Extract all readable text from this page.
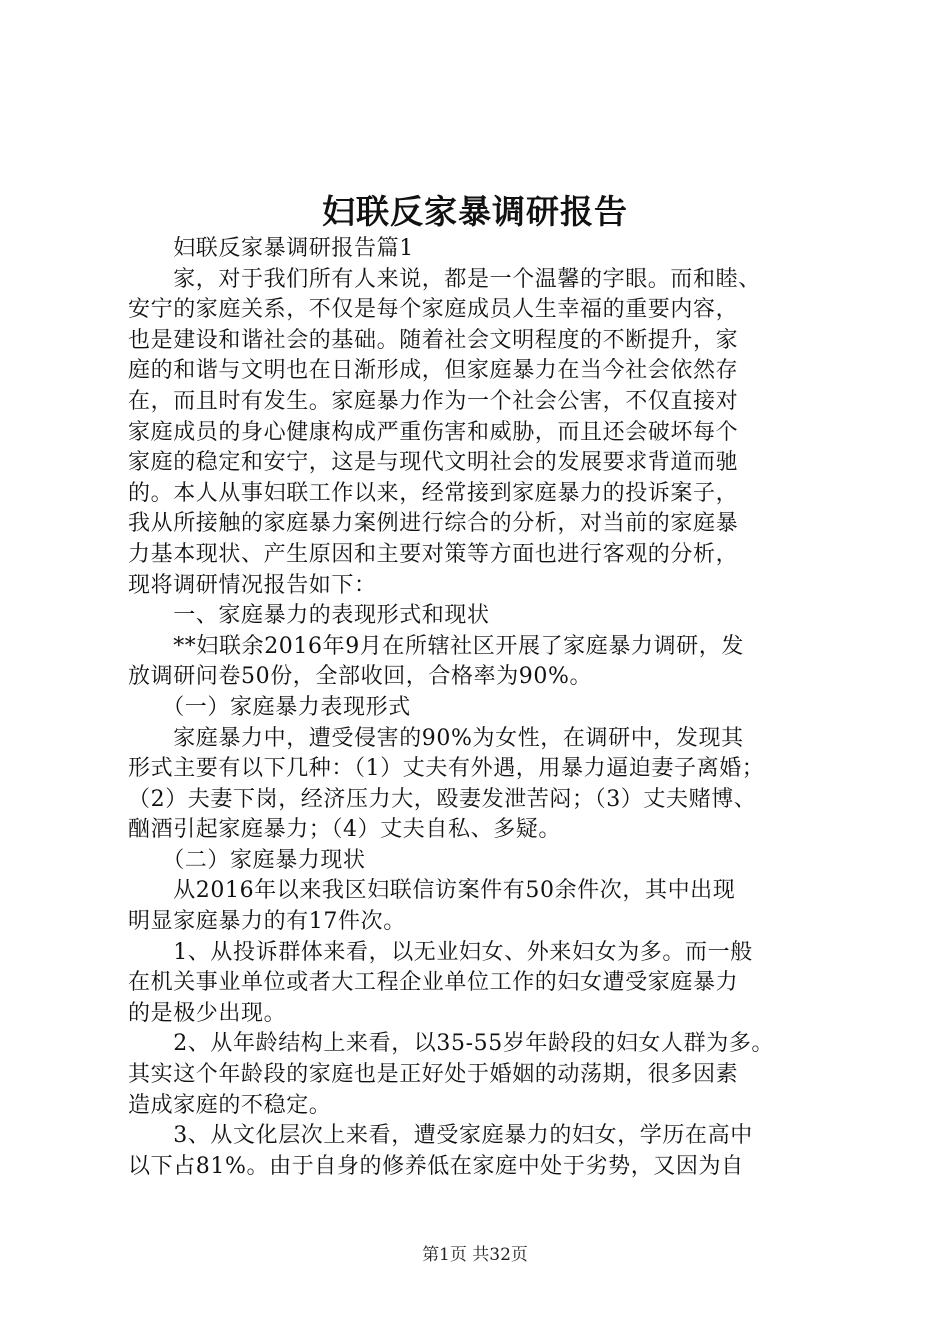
妇联反家暴调研报告
　　妇联反家暴调研报告篇1
　　家，对于我们所有人来说，都是一个温馨的字眼。而和睦、
安宁的家庭关系，不仅是每个家庭成员人生幸福的重要内容，
也是建设和谐社会的基础。随着社会文明程度的不断提升，家
庭的和谐与文明也在日渐形成，但家庭暴力在当今社会依然存
在，而且时有发生。家庭暴力作为一个社会公害，不仅直接对
家庭成员的身心健康构成严重伤害和威胁，而且还会破坏每个
家庭的稳定和安宁，这是与现代文明社会的发展要求背道而驰
的。本人从事妇联工作以来，经常接到家庭暴力的投诉案子，
我从所接触的家庭暴力案例进行综合的分析，对当前的家庭暴
力基本现状、产生原因和主要对策等方面也进行客观的分析，
现将调研情况报告如下：
　　一、家庭暴力的表现形式和现状
　　**妇联余2016年9月在所辖社区开展了家庭暴力调研，发
放调研问卷50份，全部收回，合格率为90%。
　　（一）家庭暴力表现形式
　　家庭暴力中，遭受侵害的90%为女性，在调研中，发现其
形式主要有以下几种：（1）丈夫有外遇，用暴力逼迫妻子离婚；
（2）夫妻下岗，经济压力大，殴妻发泄苦闷；（3）丈夫赌博、
酗酒引起家庭暴力；（4）丈夫自私、多疑。
　　（二）家庭暴力现状
　　从2016年以来我区妇联信访案件有50余件次，其中出现
明显家庭暴力的有17件次。
　　1、从投诉群体来看，以无业妇女、外来妇女为多。而一般
在机关事业单位或者大工程企业单位工作的妇女遭受家庭暴力
的是极少出现。
　　2、从年龄结构上来看，以35-55岁年龄段的妇女人群为多。
其实这个年龄段的家庭也是正好处于婚姻的动荡期，很多因素
造成家庭的不稳定。
　　3、从文化层次上来看，遭受家庭暴力的妇女，学历在高中
以下占81%。由于自身的修养低在家庭中处于劣势，又因为自
第1页 共32页
